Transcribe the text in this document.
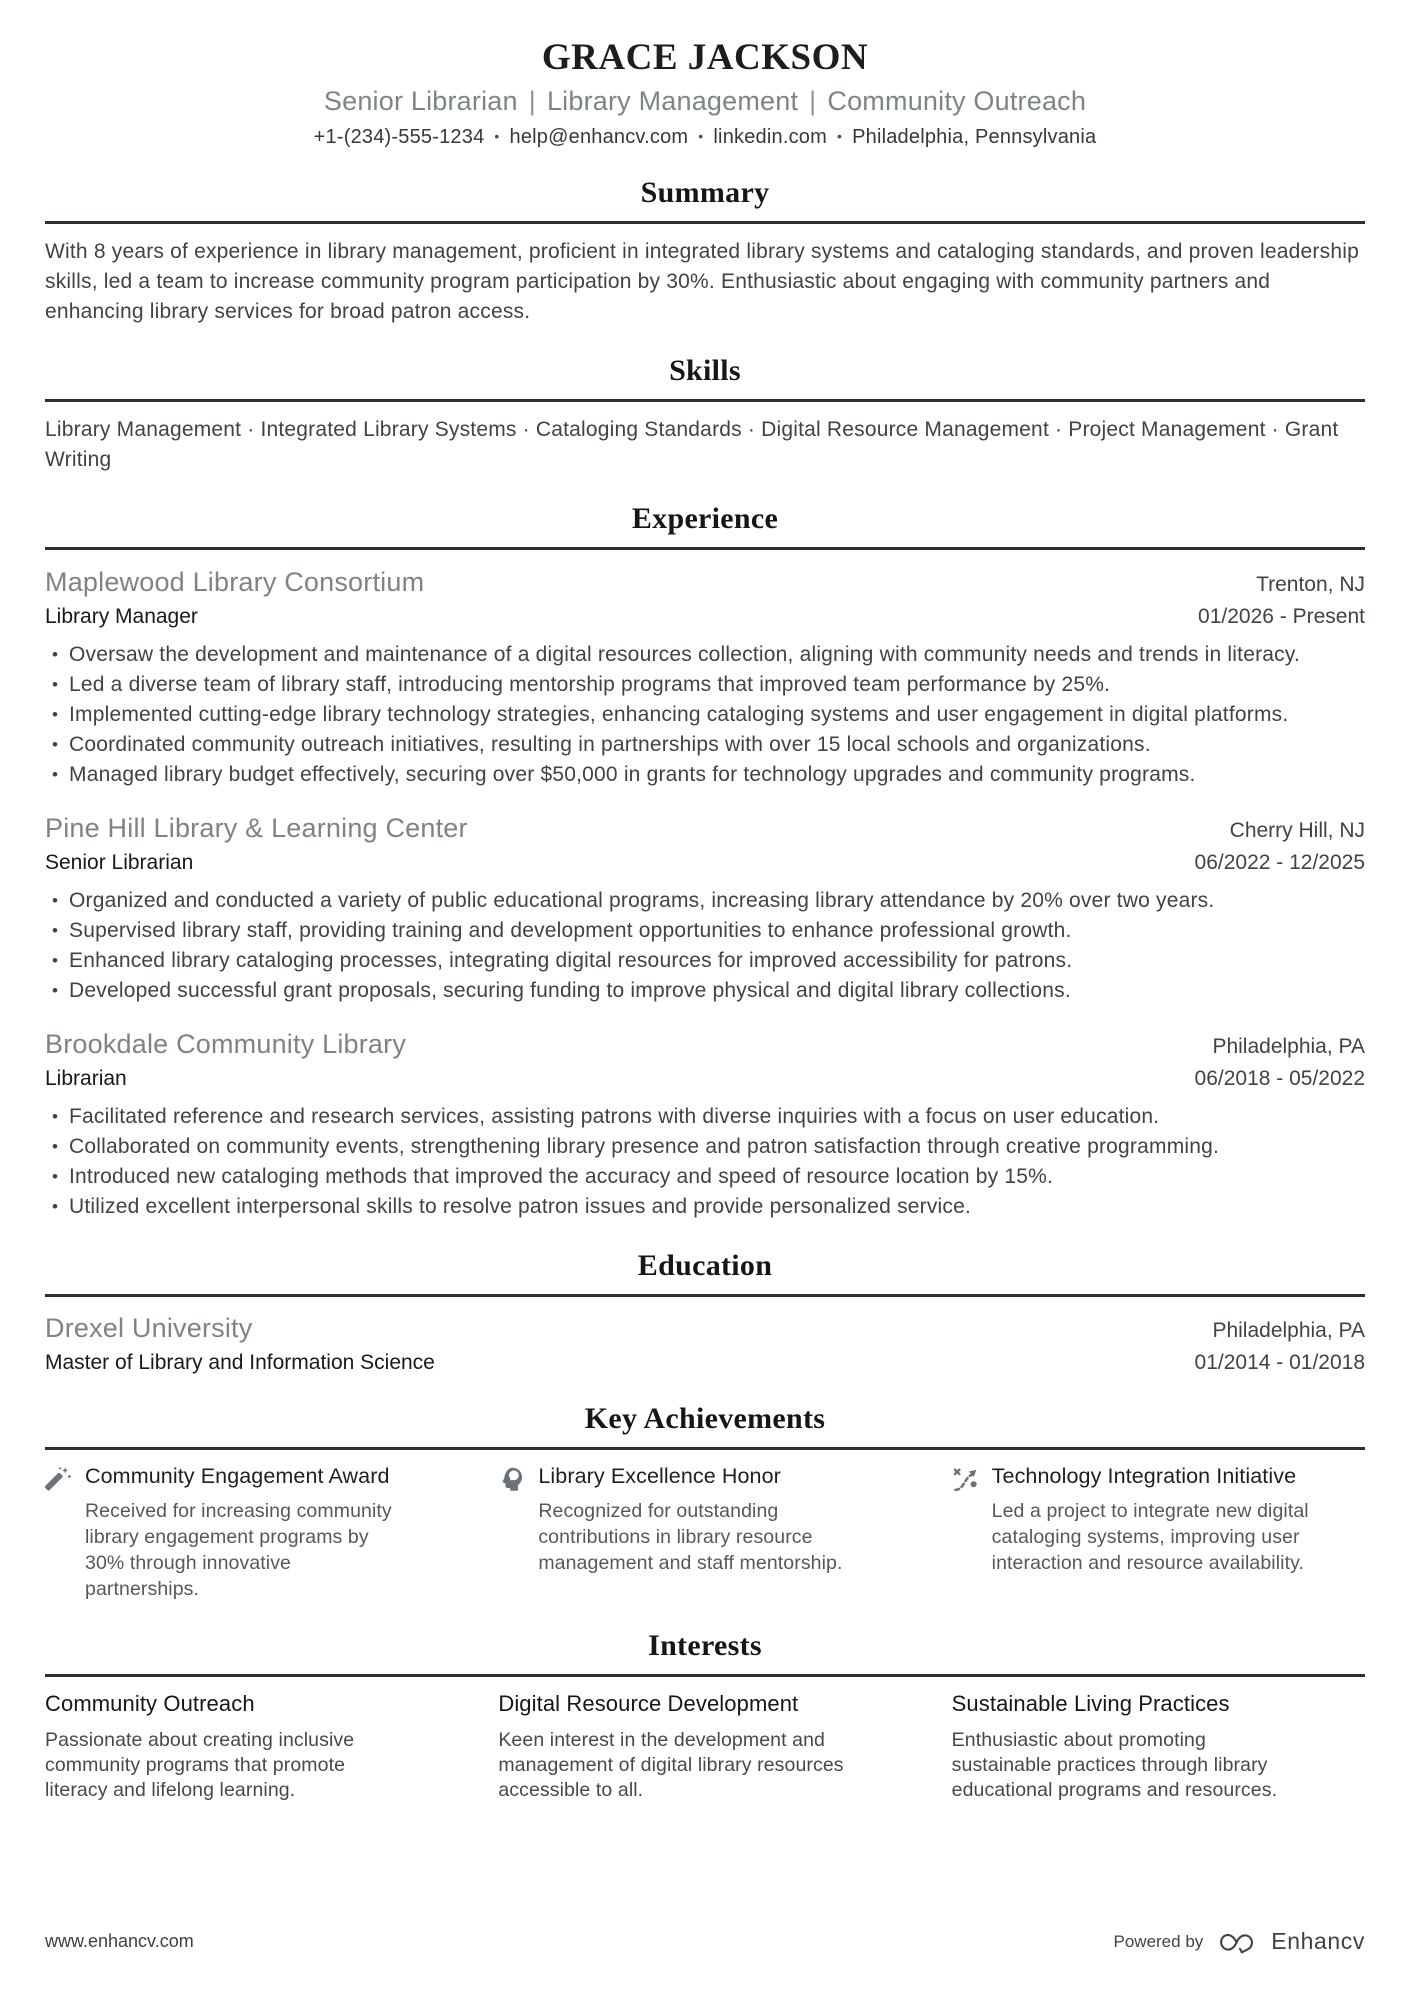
GRACE JACKSON
Senior Librarian | Library Management | Community Outreach
+1-(234)-555-1234 • help@enhancv.com • linkedin.com • Philadelphia, Pennsylvania
Summary
With 8 years of experience in library management, proficient in integrated library systems and cataloging standards, and proven leadership skills, led a team to increase community program participation by 30%. Enthusiastic about engaging with community partners and enhancing library services for broad patron access.
Skills
Library Management · Integrated Library Systems · Cataloging Standards · Digital Resource Management · Project Management · Grant Writing
Experience
Maplewood Library Consortium	Trenton, NJ
Library Manager	01/2026 - Present
• Oversaw the development and maintenance of a digital resources collection, aligning with community needs and trends in literacy.
• Led a diverse team of library staff, introducing mentorship programs that improved team performance by 25%.
• Implemented cutting-edge library technology strategies, enhancing cataloging systems and user engagement in digital platforms.
• Coordinated community outreach initiatives, resulting in partnerships with over 15 local schools and organizations.
• Managed library budget effectively, securing over $50,000 in grants for technology upgrades and community programs.
Pine Hill Library & Learning Center	Cherry Hill, NJ
Senior Librarian	06/2022 - 12/2025
• Organized and conducted a variety of public educational programs, increasing library attendance by 20% over two years.
• Supervised library staff, providing training and development opportunities to enhance professional growth.
• Enhanced library cataloging processes, integrating digital resources for improved accessibility for patrons.
• Developed successful grant proposals, securing funding to improve physical and digital library collections.
Brookdale Community Library	Philadelphia, PA
Librarian	06/2018 - 05/2022
• Facilitated reference and research services, assisting patrons with diverse inquiries with a focus on user education.
• Collaborated on community events, strengthening library presence and patron satisfaction through creative programming.
• Introduced new cataloging methods that improved the accuracy and speed of resource location by 15%.
• Utilized excellent interpersonal skills to resolve patron issues and provide personalized service.
Education
Drexel University	Philadelphia, PA
Master of Library and Information Science	01/2014 - 01/2018
Key Achievements
Community Engagement Award
Received for increasing community library engagement programs by 30% through innovative partnerships.
Library Excellence Honor
Recognized for outstanding contributions in library resource management and staff mentorship.
Technology Integration Initiative
Led a project to integrate new digital cataloging systems, improving user interaction and resource availability.
Interests
Community Outreach
Passionate about creating inclusive community programs that promote literacy and lifelong learning.
Digital Resource Development
Keen interest in the development and management of digital library resources accessible to all.
Sustainable Living Practices
Enthusiastic about promoting sustainable practices through library educational programs and resources.
www.enhancv.com	Powered by	Enhancv
